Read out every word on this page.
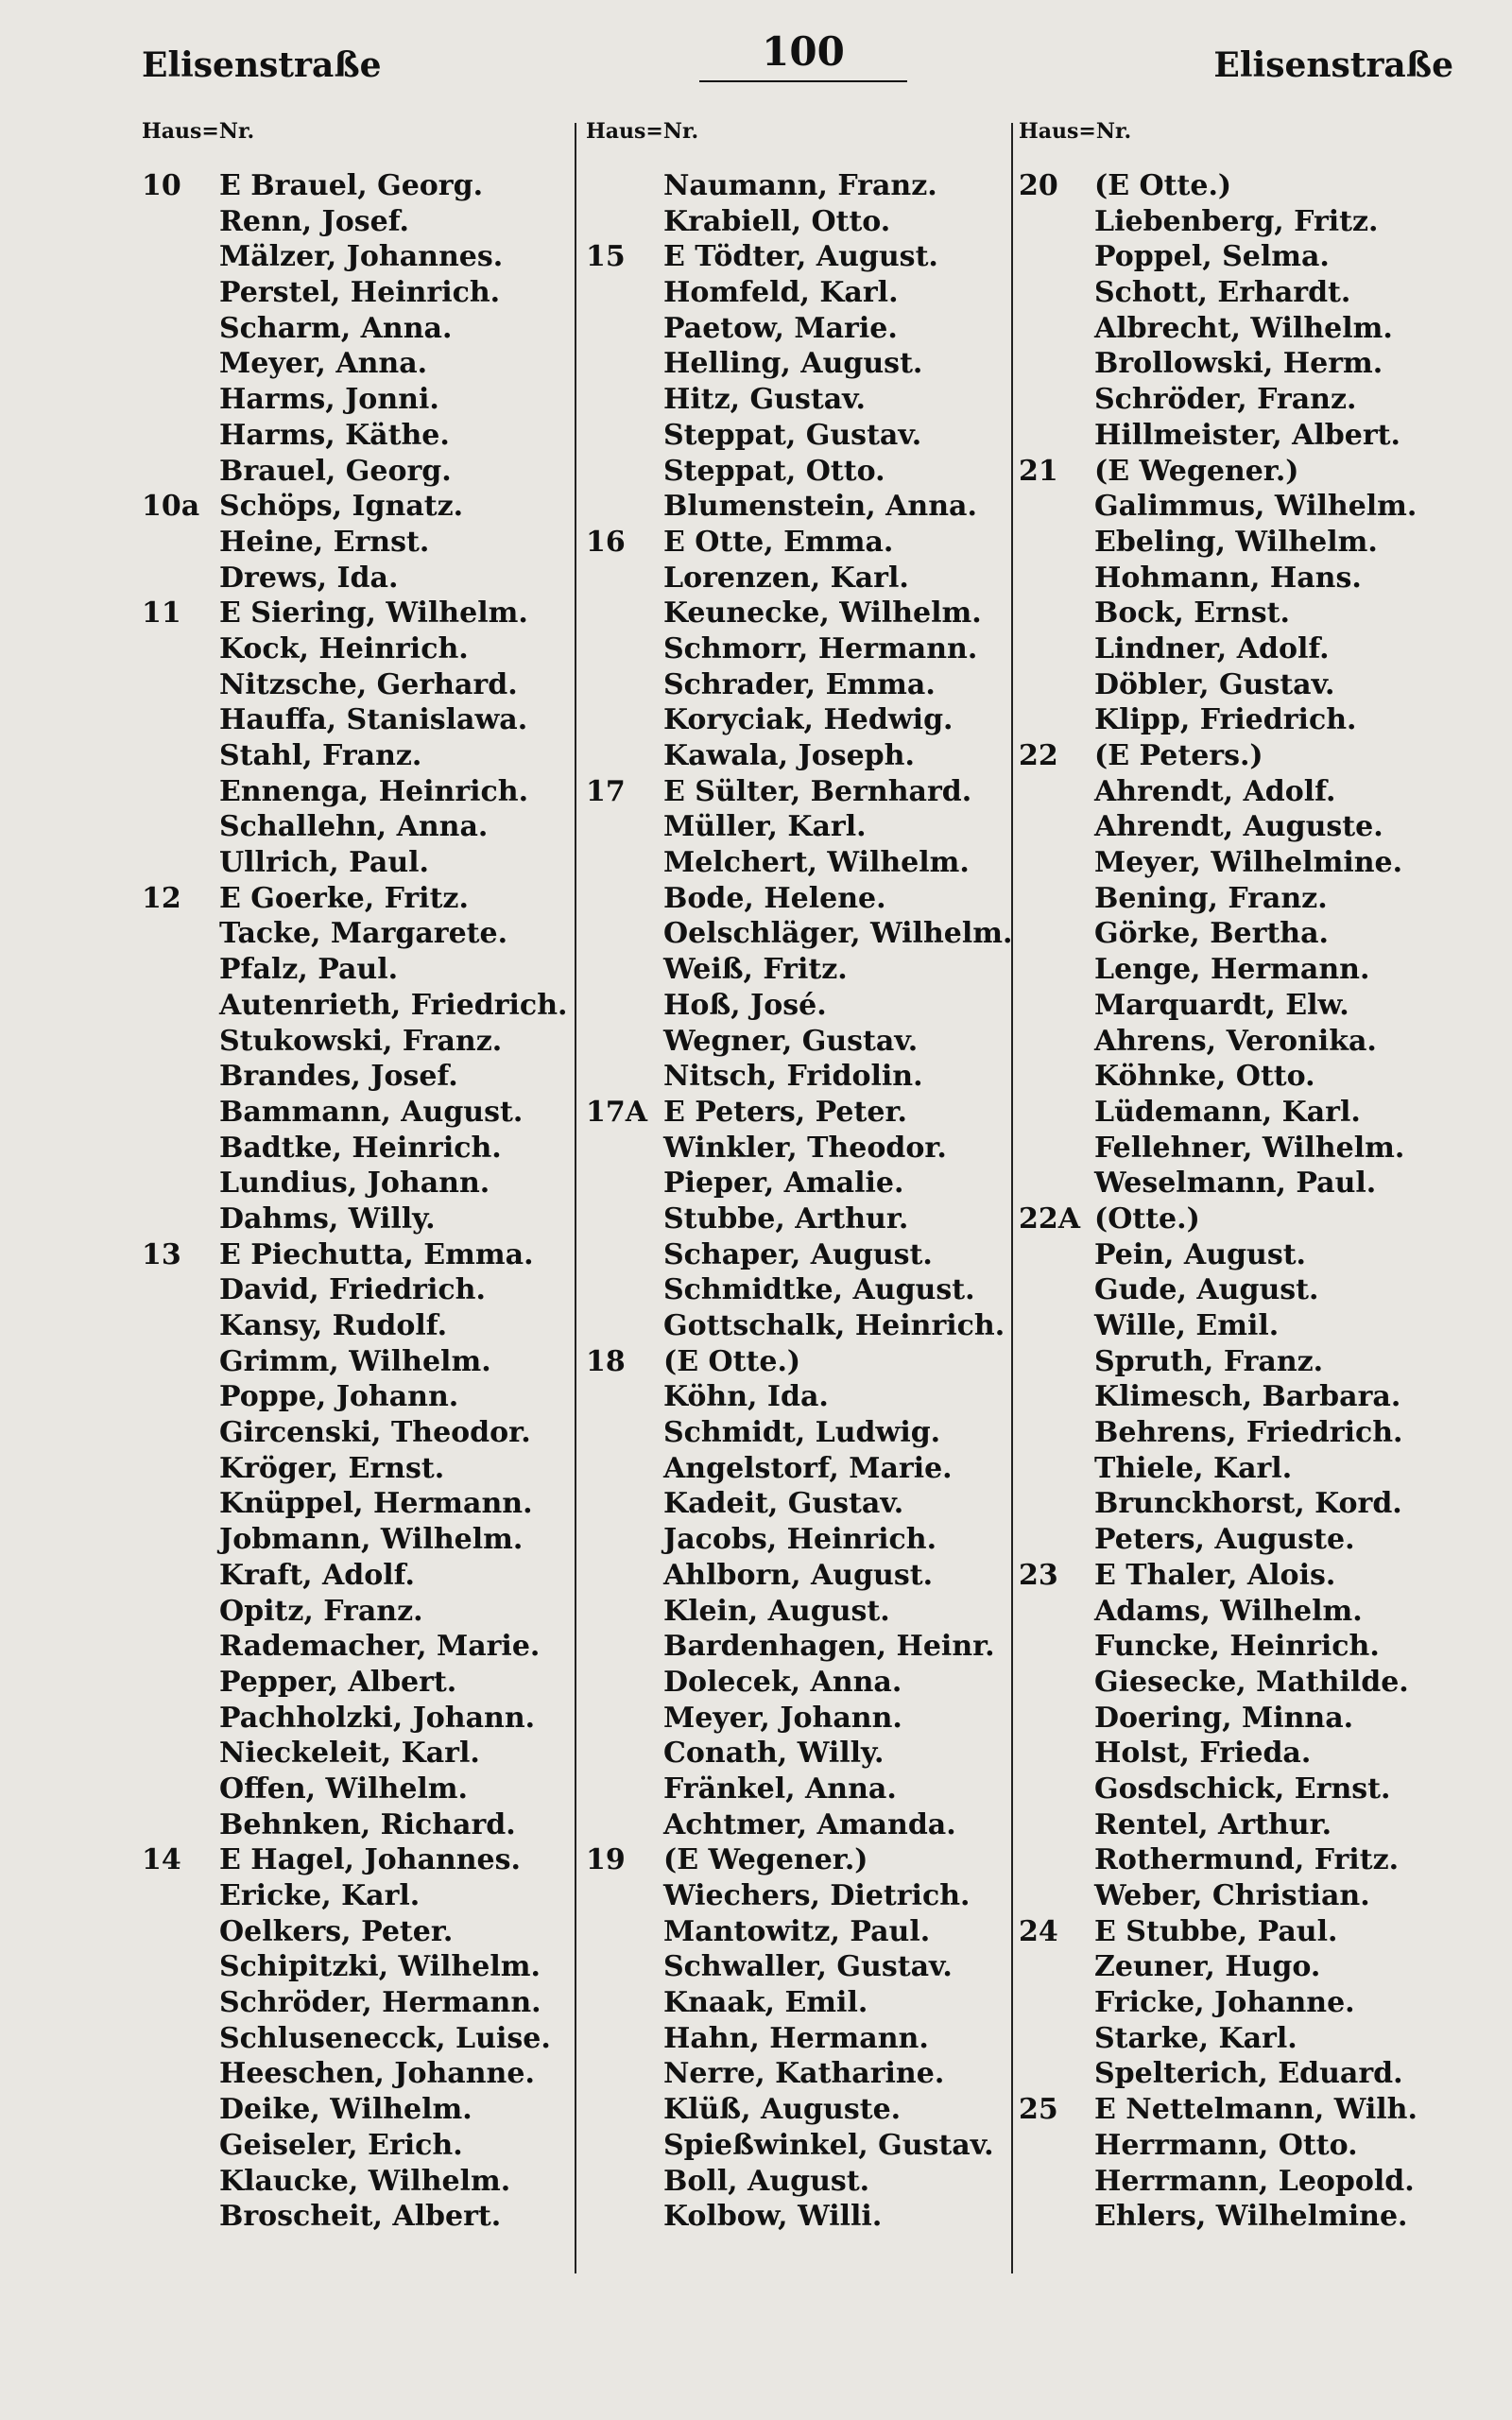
Elisenstraße	100	Elisenstraße
Haus=Nr.
10	E Brauel, Georg.
Renn, Josef.
Mälzer, Johannes.
Perstel, Heinrich.
Scharm, Anna.
Meyer, Anna.
Harms, Jonni.
Harms, Käthe.
Brauel, Georg.
10a Schöps, Ignatz.
Heine, Ernst.
Drews, Ida.
11	E Siering, Wilhelm.
Kock, Heinrich.
Nitzsche, Gerhard.
Hauffa, Stanislawa.
Stahl, Franz.
Ennenga, Heinrich.
Schallehn, Anna.
Ullrich, Paul.
12	E Goerke, Fritz.
Tacke, Margarete.
Pfalz, Paul.
Autenrieth, Friedrich.
Stukowski, Franz.
Brandes, Josef.
Bammann, August.
Badtke, Heinrich.
Lundius, Johann.
Dahms, Willy.
13	E Piechutta, Emma.
David, Friedrich.
Kansy, Rudolf.
Grimm, Wilhelm.
Poppe, Johann.
Gircenski, Theodor.
Kröger, Ernst.
Knüppel, Hermann.
Jobmann, Wilhelm.
Kraft, Adolf.
Opitz, Franz.
Rademacher, Marie.
Pepper, Albert.
Pachholzki, Johann.
Nieckeleit, Karl.
Offen, Wilhelm.
Behnken, Richard.
14	E Hagel, Johannes.
Ericke, Karl.
Oelkers, Peter.
Schipitzki, Wilhelm.
Schröder, Hermann.
Schlusenecck, Luise.
Heeschen, Johanne.
Deike, Wilhelm.
Geiseler, Erich.
Klaucke, Wilhelm.
Broscheit, Albert.
Haus=Nr.
Naumann, Franz.
Krabiell, Otto.
15	E Tödter, August.
Homfeld, Karl.
Paetow, Marie.
Helling, August.
Hitz, Gustav.
Steppat, Gustav.
Steppat, Otto.
Blumenstein, Anna.
16	E Otte, Emma.
Lorenzen, Karl.
Keunecke, Wilhelm.
Schmorr, Hermann.
Schrader, Emma.
Koryciak, Hedwig.
Kawala, Joseph.
17	E Sülter, Bernhard.
Müller, Karl.
Melchert, Wilhelm.
Bode, Helene.
Oelschläger, Wilhelm.
Weiß, Fritz.
Hoß, José.
Wegner, Gustav.
Nitsch, Fridolin.
17A E Peters, Peter.
Winkler, Theodor.
Pieper, Amalie.
Stubbe, Arthur.
Schaper, August.
Schmidtke, August.
Gottschalk, Heinrich.
18	(E Otte.)
Köhn, Ida.
Schmidt, Ludwig.
Angelstorf, Marie.
Kadeit, Gustav.
Jacobs, Heinrich.
Ahlborn, August.
Klein, August.
Bardenhagen, Heinr.
Dolecek, Anna.
Meyer, Johann.
Conath, Willy.
Fränkel, Anna.
Achtmer, Amanda.
19	(E Wegener.)
Wiechers, Dietrich.
Mantowitz, Paul.
Schwaller, Gustav.
Knaak, Emil.
Hahn, Hermann.
Nerre, Katharine.
Klüß, Auguste.
Spießwinkel, Gustav.
Boll, August.
Kolbow, Willi.
Haus=Nr.
20	(E Otte.)
Liebenberg, Fritz.
Poppel, Selma.
Schott, Erhardt.
Albrecht, Wilhelm.
Brollowski, Herm.
Schröder, Franz.
Hillmeister, Albert.
21	(E Wegener.)
Galimmus, Wilhelm.
Ebeling, Wilhelm.
Hohmann, Hans.
Bock, Ernst.
Lindner, Adolf.
Döbler, Gustav.
Klipp, Friedrich.
22	(E Peters.)
Ahrendt, Adolf.
Ahrendt, Auguste.
Meyer, Wilhelmine.
Bening, Franz.
Görke, Bertha.
Lenge, Hermann.
Marquardt, Elw.
Ahrens, Veronika.
Köhnke, Otto.
Lüdemann, Karl.
Fellehner, Wilhelm.
Weselmann, Paul.
22A (Otte.)
Pein, August.
Gude, August.
Wille, Emil.
Spruth, Franz.
Klimesch, Barbara.
Behrens, Friedrich.
Thiele, Karl.
Brunckhorst, Kord.
Peters, Auguste.
23	E Thaler, Alois.
Adams, Wilhelm.
Funcke, Heinrich.
Giesecke, Mathilde.
Doering, Minna.
Holst, Frieda.
Gosdschick, Ernst.
Rentel, Arthur.
Rothermund, Fritz.
Weber, Christian.
24	E Stubbe, Paul.
Zeuner, Hugo.
Fricke, Johanne.
Starke, Karl.
Spelterich, Eduard.
25	E Nettelmann, Wilh.
Herrmann, Otto.
Herrmann, Leopold.
Ehlers, Wilhelmine.
